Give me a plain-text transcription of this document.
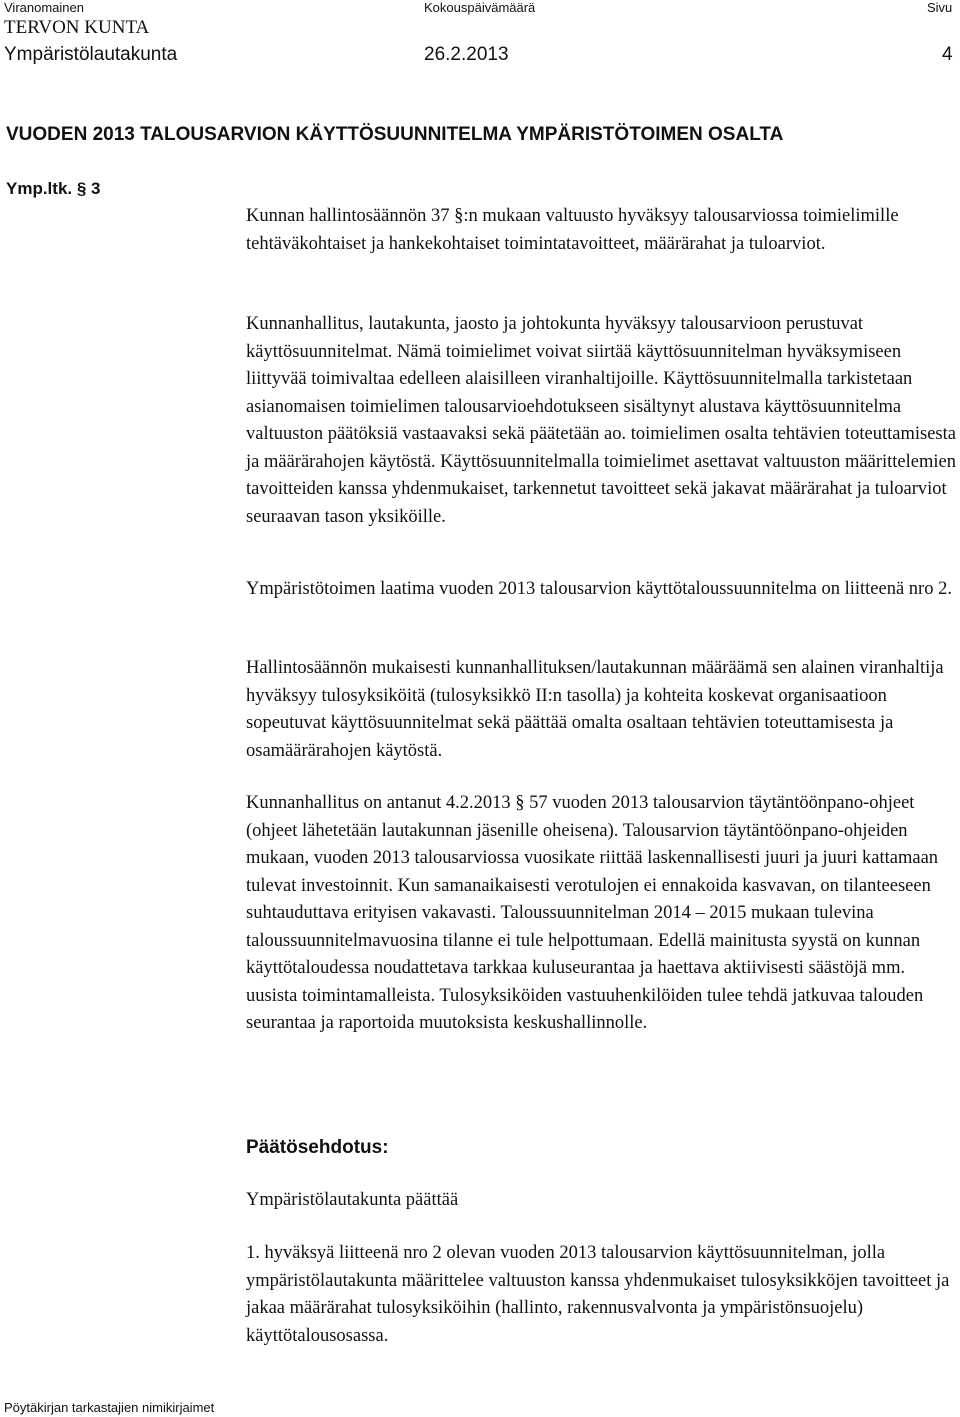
Viranomainen	Kokouspäivämäärä	Sivu
TERVON KUNTA
Ympäristölautakunta	26.2.2013	4
VUODEN 2013 TALOUSARVION KÄYTTÖSUUNNITELMA YMPÄRISTÖTOIMEN OSALTA
Ymp.ltk. § 3

Kunnan hallintosäännön 37 §:n mukaan valtuusto hyväksyy talousarviossa toimielimille tehtäväkohtaiset ja hankekohtaiset toimintatavoitteet, määrärahat ja tuloarviot.

Kunnanhallitus, lautakunta, jaosto ja johtokunta hyväksyy talousarvioon perustuvat käyttösuunnitelmat. Nämä toimielimet voivat siirtää käyttösuunnitelman hyväksymiseen liittyvää toimivaltaa edelleen alaisilleen viranhaltijoille. Käyttösuunnitelmalla tarkistetaan asianomaisen toimielimen talousarvioehdotukseen sisältynyt alustava käyttösuunnitelma valtuuston päätöksiä vastaavaksi sekä päätetään ao. toimielimen osalta tehtävien toteuttamisesta ja määrärahojen käytöstä. Käyttösuunnitelmalla toimielimet asettavat valtuuston määrittelemien tavoitteiden kanssa yhdenmukaiset, tarkennetut tavoitteet sekä jakavat määrärahat ja tuloarviot seuraavan tason yksiköille.

Ympäristötoimen laatima vuoden 2013 talousarvion käyttötaloussuunnitelma on liitteenä nro 2.

Hallintosäännön mukaisesti kunnanhallituksen/lautakunnan määräämä sen alainen viranhaltija hyväksyy tulosyksiköitä (tulosyksikkö II:n tasolla) ja kohteita koskevat organisaatioon sopeutuvat käyttösuunnitelmat sekä päättää omalta osaltaan tehtävien toteuttamisesta ja osamäärärahojen käytöstä.

Kunnanhallitus on antanut 4.2.2013 § 57 vuoden 2013 talousarvion täytäntöönpano-ohjeet (ohjeet lähetetään lautakunnan jäsenille oheisena). Talousarvion täytäntöönpano-ohjeiden mukaan, vuoden 2013 talousarviossa vuosikate riittää laskennallisesti juuri ja juuri kattamaan tulevat investoinnit. Kun samanaikaisesti verotulojen ei ennakoida kasvavan, on tilanteeseen suhtauduttava erityisen vakavasti. Taloussuunnitelman 2014 – 2015 mukaan tulevina taloussuunnitelmavuosina tilanne ei tule helpottumaan. Edellä mainitusta syystä on kunnan käyttötaloudessa noudattetava tarkkaa kuluseurantaa ja haettava aktiivisesti säästöjä mm. uusista toimintamalleista. Tulosyksiköiden vastuuhenkilöiden tulee tehdä jatkuvaa talouden seurantaa ja raportoida muutoksista keskushallinnolle.

Päätösehdotus:

Ympäristölautakunta päättää

1. hyväksyä liitteenä nro 2 olevan vuoden 2013 talousarvion käyttösuunnitelman, jolla ympäristölautakunta määrittelee valtuuston kanssa yhdenmukaiset tulosyksikköjen tavoitteet ja jakaa määrärahat tulosyksiköihin (hallinto, rakennusvalvonta ja ympäristönsuojelu) käyttötalousosassa.

Pöytäkirjan tarkastajien nimikirjaimet
